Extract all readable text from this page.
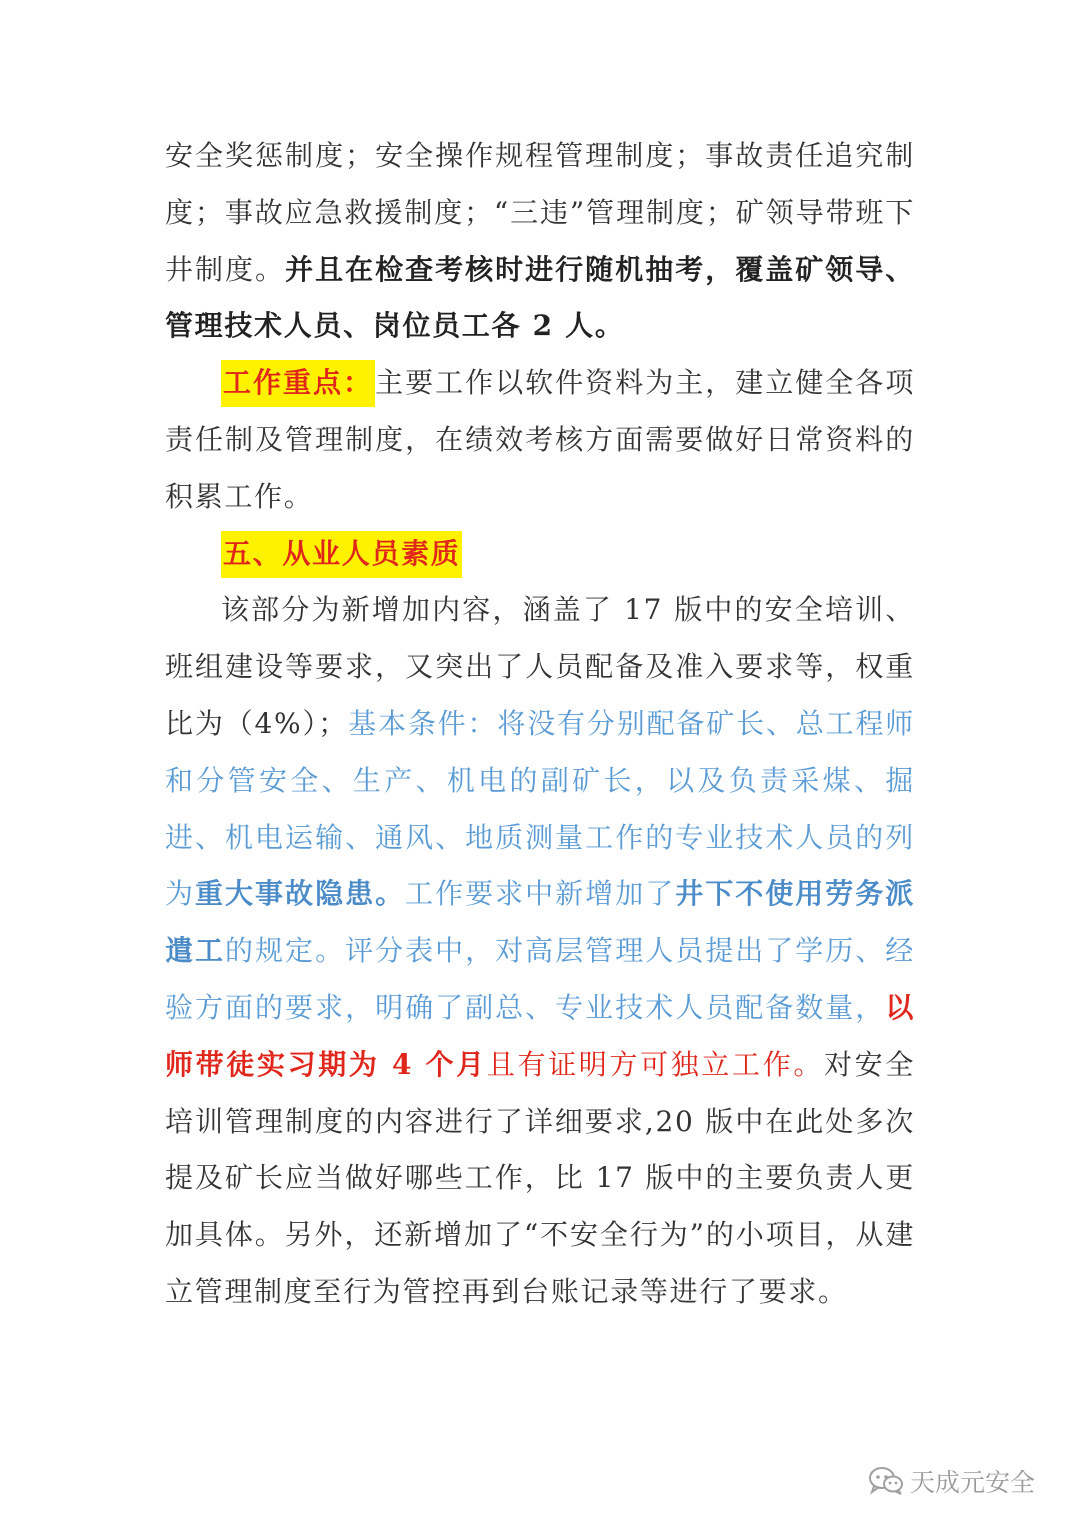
安全奖惩制度；安全操作规程管理制度；事故责任追究制度；事故应急救援制度；“三违”管理制度；矿领导带班下井制度。并且在检查考核时进行随机抽考，覆盖矿领导、管理技术人员、岗位员工各 2 人。

工作重点：主要工作以软件资料为主，建立健全各项责任制及管理制度，在绩效考核方面需要做好日常资料的积累工作。

五、从业人员素质

该部分为新增加内容，涵盖了 17 版中的安全培训、班组建设等要求，又突出了人员配备及准入要求等，权重比为（4%）；基本条件：将没有分别配备矿长、总工程师和分管安全、生产、机电的副矿长，以及负责采煤、掘进、机电运输、通风、地质测量工作的专业技术人员的列为重大事故隐患。工作要求中新增加了井下不使用劳务派遣工的规定。评分表中，对高层管理人员提出了学历、经验方面的要求，明确了副总、专业技术人员配备数量，以师带徒实习期为 4 个月且有证明方可独立工作。对安全培训管理制度的内容进行了详细要求,20 版中在此处多次提及矿长应当做好哪些工作，比 17 版中的主要负责人更加具体。另外，还新增加了“不安全行为”的小项目，从建立管理制度至行为管控再到台账记录等进行了要求。

天成元安全
